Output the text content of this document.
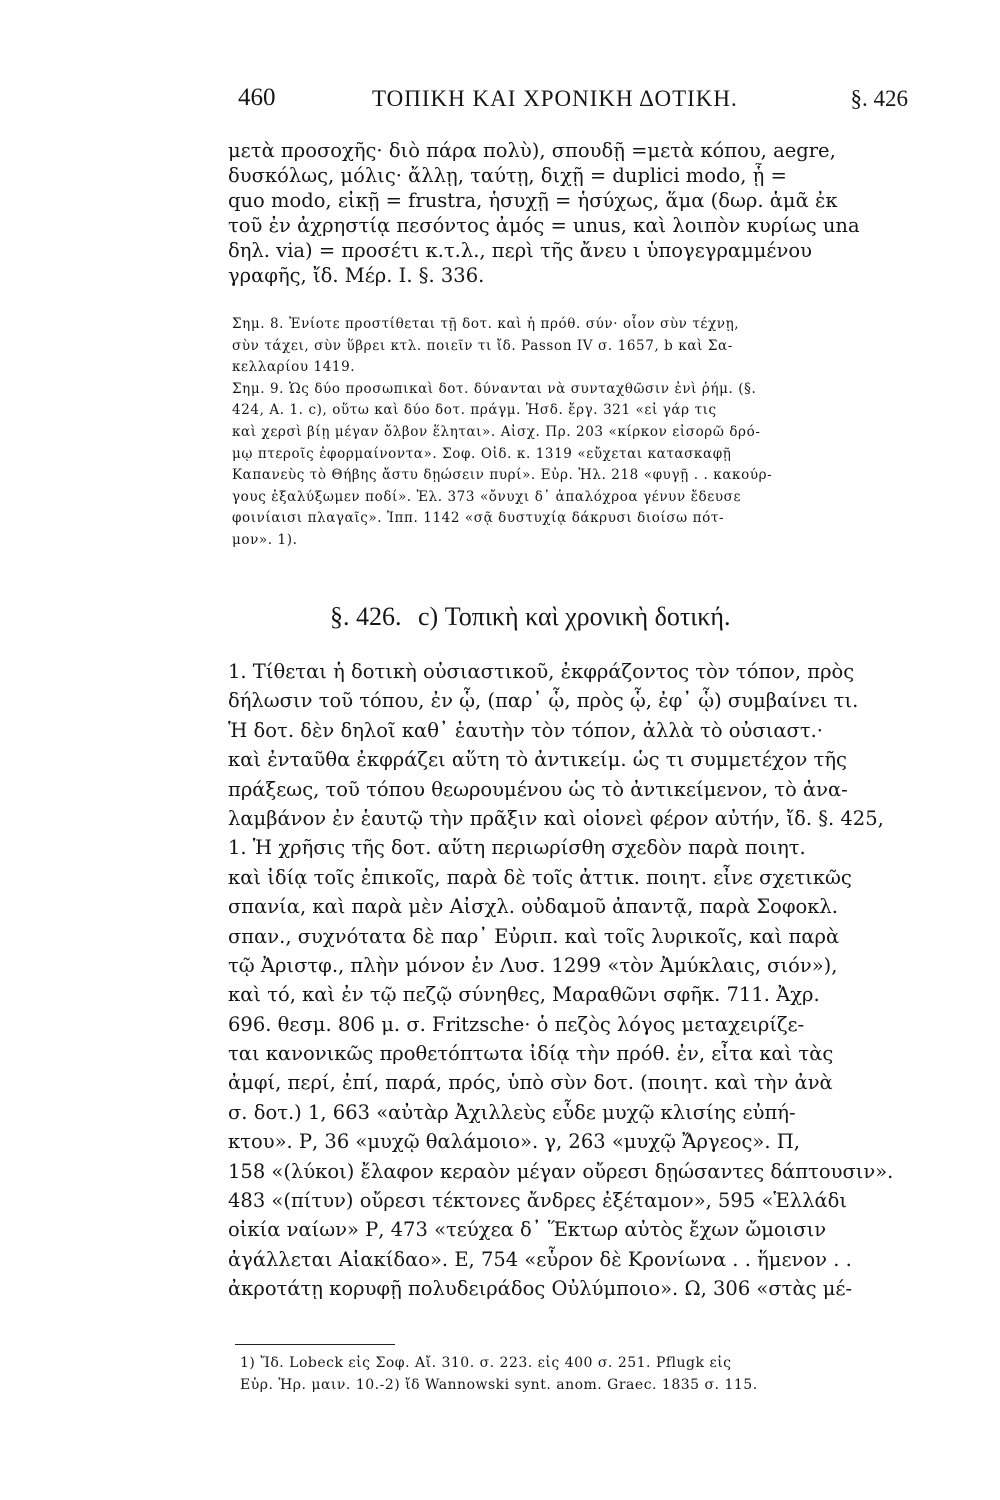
460	ΤΟΠΙΚΗ ΚΑΙ ΧΡΟΝΙΚΗ ΔΟΤΙΚΗ.	§. 426
μετὰ προσοχῆς· διὸ πάρα πολὺ), σπουδῇ =μετὰ κόπου, aegre,
δυσκόλως, μόλις· ἄλλῃ, ταύτῃ, διχῇ = duplici modo, ᾗ =
quo modo, εἰκῇ = frustra, ἡσυχῇ = ἡσύχως, ἅμα (δωρ. ἁμᾶ ἐκ
τοῦ ἐν ἀχρηστίᾳ πεσόντος ἀμός = unus, καὶ λοιπὸν κυρίως una
δηλ. via) = προσέτι κ.τ.λ., περὶ τῆς ἄνευ ι ὑπογεγραμμένου
γραφῆς, ἴδ. Μέρ. I. §. 336.
Σημ. 8. Ἐνίοτε προστίθεται τῇ δοτ. καὶ ἡ πρόθ. σύν· οἷον σὺν τέχνῃ,
σὺν τάχει, σὺν ὕβρει κτλ. ποιεῖν τι ἴδ. Passon IV σ. 1657, b καὶ Σα-
κελλαρίου 1419.
Σημ. 9. Ὡς δύο προσωπικαὶ δοτ. δύνανται νὰ συνταχθῶσιν ἐνὶ ῥήμ. (§.
424, A. 1. c), οὕτω καὶ δύο δοτ. πράγμ. Ἡσδ. ἔργ. 321 «εἰ γάρ τις
καὶ χερσὶ βίῃ μέγαν ὄλβον ἕληται». Αἰσχ. Πρ. 203 «κίρκον εἰσορῶ δρό-
μῳ πτεροῖς ἐφορμαίνοντα». Σοφ. Οἰδ. κ. 1319 «εὔχεται κατασκαφῇ
Καπανεὺς τὸ Θήβης ἄστυ δῃώσειν πυρί». Εὐρ. Ἠλ. 218 «φυγῇ . . κακούρ-
γους ἐξαλύξωμεν ποδί». Ἑλ. 373 «ὄνυχι δ᾽ ἁπαλόχροα γένυν ἔδευσε
φοινίαισι πλαγαῖς». Ἱππ. 1142 «σᾷ δυστυχίᾳ δάκρυσι διοίσω πότ-
μον». 1).
§. 426. c) Τοπικὴ καὶ χρονικὴ δοτική.
1. Τίθεται ἡ δοτικὴ οὐσιαστικοῦ, ἐκφράζοντος τὸν τόπον, πρὸς
δήλωσιν τοῦ τόπου, ἐν ᾧ, (παρ᾽ ᾧ, πρὸς ᾧ, ἐφ᾽ ᾧ) συμβαίνει τι.
Ἡ δοτ. δὲν δηλοῖ καθ᾽ ἑαυτὴν τὸν τόπον, ἀλλὰ τὸ οὐσιαστ.·
καὶ ἐνταῦθα ἐκφράζει αὕτη τὸ ἀντικείμ. ὡς τι συμμετέχον τῆς
πράξεως, τοῦ τόπου θεωρουμένου ὡς τὸ ἀντικείμενον, τὸ ἀνα-
λαμβάνον ἐν ἑαυτῷ τὴν πρᾶξιν καὶ οἱονεὶ φέρον αὐτήν, ἴδ. §. 425,
1. Ἡ χρῆσις τῆς δοτ. αὕτη περιωρίσθη σχεδὸν παρὰ ποιητ.
καὶ ἰδίᾳ τοῖς ἐπικοῖς, παρὰ δὲ τοῖς ἀττικ. ποιητ. εἶνε σχετικῶς
σπανία, καὶ παρὰ μὲν Αἰσχλ. οὐδαμοῦ ἀπαντᾷ, παρὰ Σοφοκλ.
σπαν., συχνότατα δὲ παρ᾽ Εὐριπ. καὶ τοῖς λυρικοῖς, καὶ παρὰ
τῷ Ἀριστφ., πλὴν μόνον ἐν Λυσ. 1299 «τὸν Ἀμύκλαις, σιόν»),
καὶ τό, καὶ ἐν τῷ πεζῷ σύνηθες, Μαραθῶνι σφῆκ. 711. Ἀχρ.
696. θεσμ. 806 μ. σ. Fritzsche· ὁ πεζὸς λόγος μεταχειρίζε-
ται κανονικῶς προθετόπτωτα ἰδίᾳ τὴν πρόθ. ἐν, εἶτα καὶ τὰς
ἀμφί, περί, ἐπί, παρά, πρός, ὑπὸ σὺν δοτ. (ποιητ. καὶ τὴν ἀνὰ
σ. δοτ.) 1, 663 «αὐτὰρ Ἀχιλλεὺς εὗδε μυχῷ κλισίης εὐπή-
κτου». Ρ, 36 «μυχῷ θαλάμοιο». γ, 263 «μυχῷ Ἄργεος». Π,
158 «(λύκοι) ἔλαφον κεραὸν μέγαν οὔρεσι δῃώσαντες δάπτουσιν».
483 «(πίτυν) οὔρεσι τέκτονες ἄνδρες ἐξέταμον», 595 «Ἑλλάδι
οἰκία ναίων» Ρ, 473 «τεύχεα δ᾽ Ἕκτωρ αὐτὸς ἔχων ὤμοισιν
ἀγάλλεται Αἰακίδαο». Ε, 754 «εὗρον δὲ Κρονίωνα . . ἥμενον . .
ἀκροτάτῃ κορυφῇ πολυδειράδος Οὐλύμποιο». Ω, 306 «στὰς μέ-
1) Ἴδ. Lobeck εἰς Σοφ. Αἴ. 310. σ. 223. εἰς 400 σ. 251. Pflugk εἰς
Εὐρ. Ἡρ. μαιν. 10.-2) ἴδ Wannowski synt. anom. Graec. 1835 σ. 115.
